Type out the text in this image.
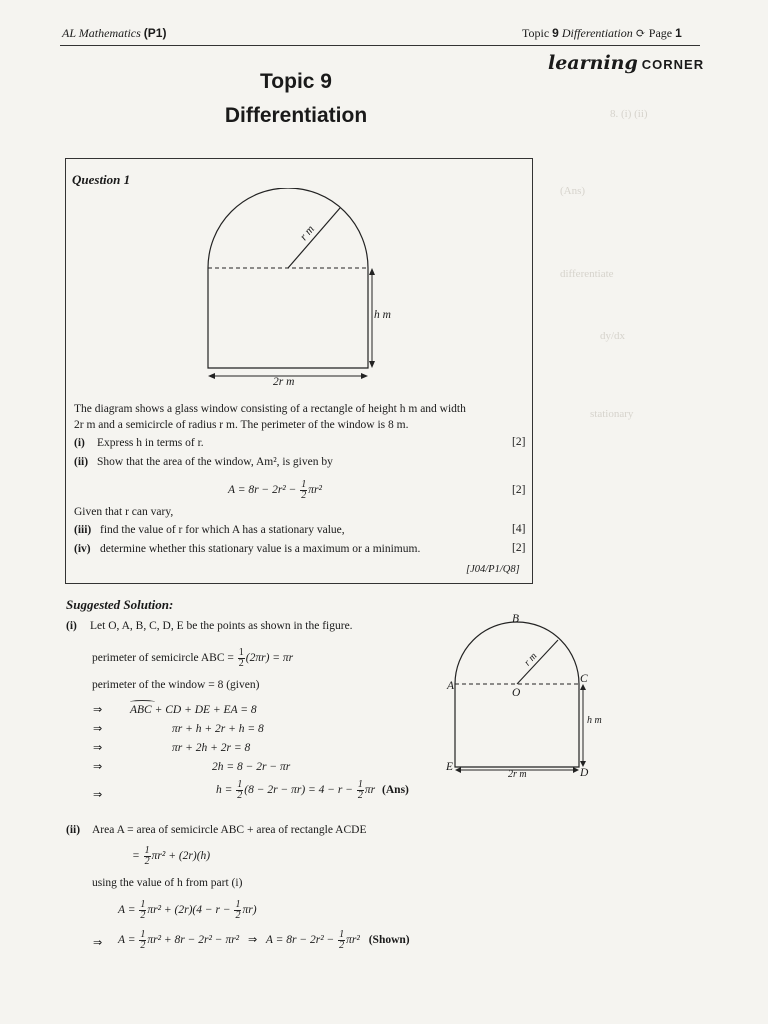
AL Mathematics (P1)	Topic 9 Differentiation ⟳ Page 1
8. (i) (ii)
differentiate
dy/dx
stationary
(Ans)
Topic 9
Differentiation
learning CORNER
Question 1
r m
h m
2r m
The diagram shows a glass window consisting of a rectangle of height h m and width
2r m and a semicircle of radius r m. The perimeter of the window is 8 m.
(i) Express h in terms of r.	[2]
(ii) Show that the area of the window, Am², is given by
$A = 8r - 2r^2 - \frac{1}{2} \pi r^2$	[2]
Given that r can vary,
(iii) find the value of r for which A has a stationary value,	[4]
(iv) determine whether this stationary value is a maximum or a minimum.	[2]
[J04/P1/Q8]
Suggested Solution:
(i) Let O, A, B, C, D, E be the points as shown in the figure.
perimeter of semicircle ABC = $\frac{1}{2} (2\pi r) = \pi r$
perimeter of the window = 8 (given)
⇒ ABC + CD + DE + EA = 8
⇒	πr + h + 2r + h = 8
⇒	πr + 2h + 2r = 8
⇒	2h = 8 − 2r − πr
⇒	$h = \frac{1}{2} (8 - 2r - \pi r) = 4 - r - \frac{1}{2}$ πr (Ans)
B
A
O
C
E	D
r m
h m
2r m
(ii) Area A = area of semicircle ABC + area of rectangle ACDE
= $\frac{1}{2} \pi r^2 + (2r)(h)$
using the value of h from part (i)
$A = \frac{1}{2} \pi r^2 + (2r)(4 - r - \frac{1}{2} \pi r)$
⇒ $A = \frac{1}{2} \pi r^2 + 8r - 2r^2 - \pi r^2$ ⇒ $A = 8r - 2r^2 - \frac{1}{2} \pi r^2$ (Shown)
